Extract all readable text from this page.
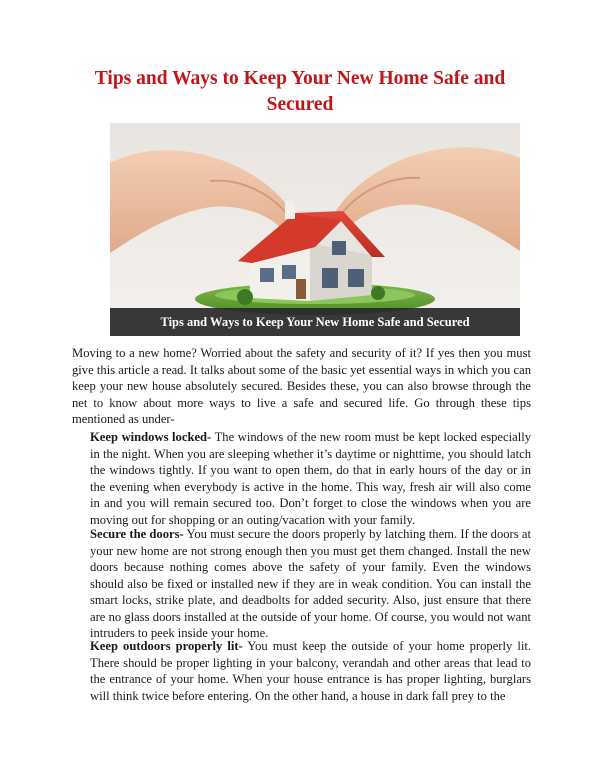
Tips and Ways to Keep Your New Home Safe and Secured
Tips and Ways to Keep Your New Home Safe and Secured

Moving to a new home? Worried about the safety and security of it? If yes then you must give this article a read. It talks about some of the basic yet essential ways in which you can keep your new house absolutely secured. Besides these, you can also browse through the net to know about more ways to live a safe and secured life. Go through these tips mentioned as under-

Keep windows locked- The windows of the new room must be kept locked especially in the night. When you are sleeping whether it’s daytime or nighttime, you should latch the windows tightly. If you want to open them, do that in early hours of the day or in the evening when everybody is active in the home. This way, fresh air will also come in and you will remain secured too. Don’t forget to close the windows when you are moving out for shopping or an outing/vacation with your family.

Secure the doors- You must secure the doors properly by latching them. If the doors at your new home are not strong enough then you must get them changed. Install the new doors because nothing comes above the safety of your family. Even the windows should also be fixed or installed new if they are in weak condition. You can install the smart locks, strike plate, and deadbolts for added security. Also, just ensure that there are no glass doors installed at the outside of your home. Of course, you would not want intruders to peek inside your home.

Keep outdoors properly lit- You must keep the outside of your home properly lit. There should be proper lighting in your balcony, verandah and other areas that lead to the entrance of your home. When your house entrance is has proper lighting, burglars will think twice before entering. On the other hand, a house in dark fall prey to the
